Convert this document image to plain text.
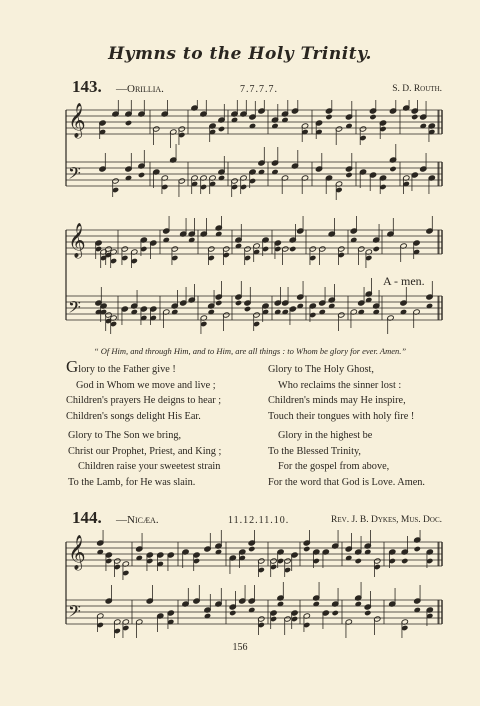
Hymns to the Holy Trinity.
143. —Orillia.	7.7.7.7.	S. D. Routh.
𝄞
𝄢
𝄞
𝄢
A - men.
“ Of Him, and through Him, and to Him, are all things : to Whom be glory for ever. Amen.”
Glory to the Father give !
God in Whom we move and live ;
Children's prayers He deigns to hear ;
Children's songs delight His Ear.
Glory to The Holy Ghost,
Who reclaims the sinner lost :
Children's minds may He inspire,
Touch their tongues with holy fire !
Glory to The Son we bring,
Christ our Prophet, Priest, and King ;
Children raise your sweetest strain
To the Lamb, for He was slain.
Glory in the highest be
To the Blessed Trinity,
For the gospel from above,
For the word that God is Love. Amen.
144. —Nicæa.	11.12.11.10.	Rev. J. B. Dykes, Mus. Doc.
𝄞
𝄢
156
